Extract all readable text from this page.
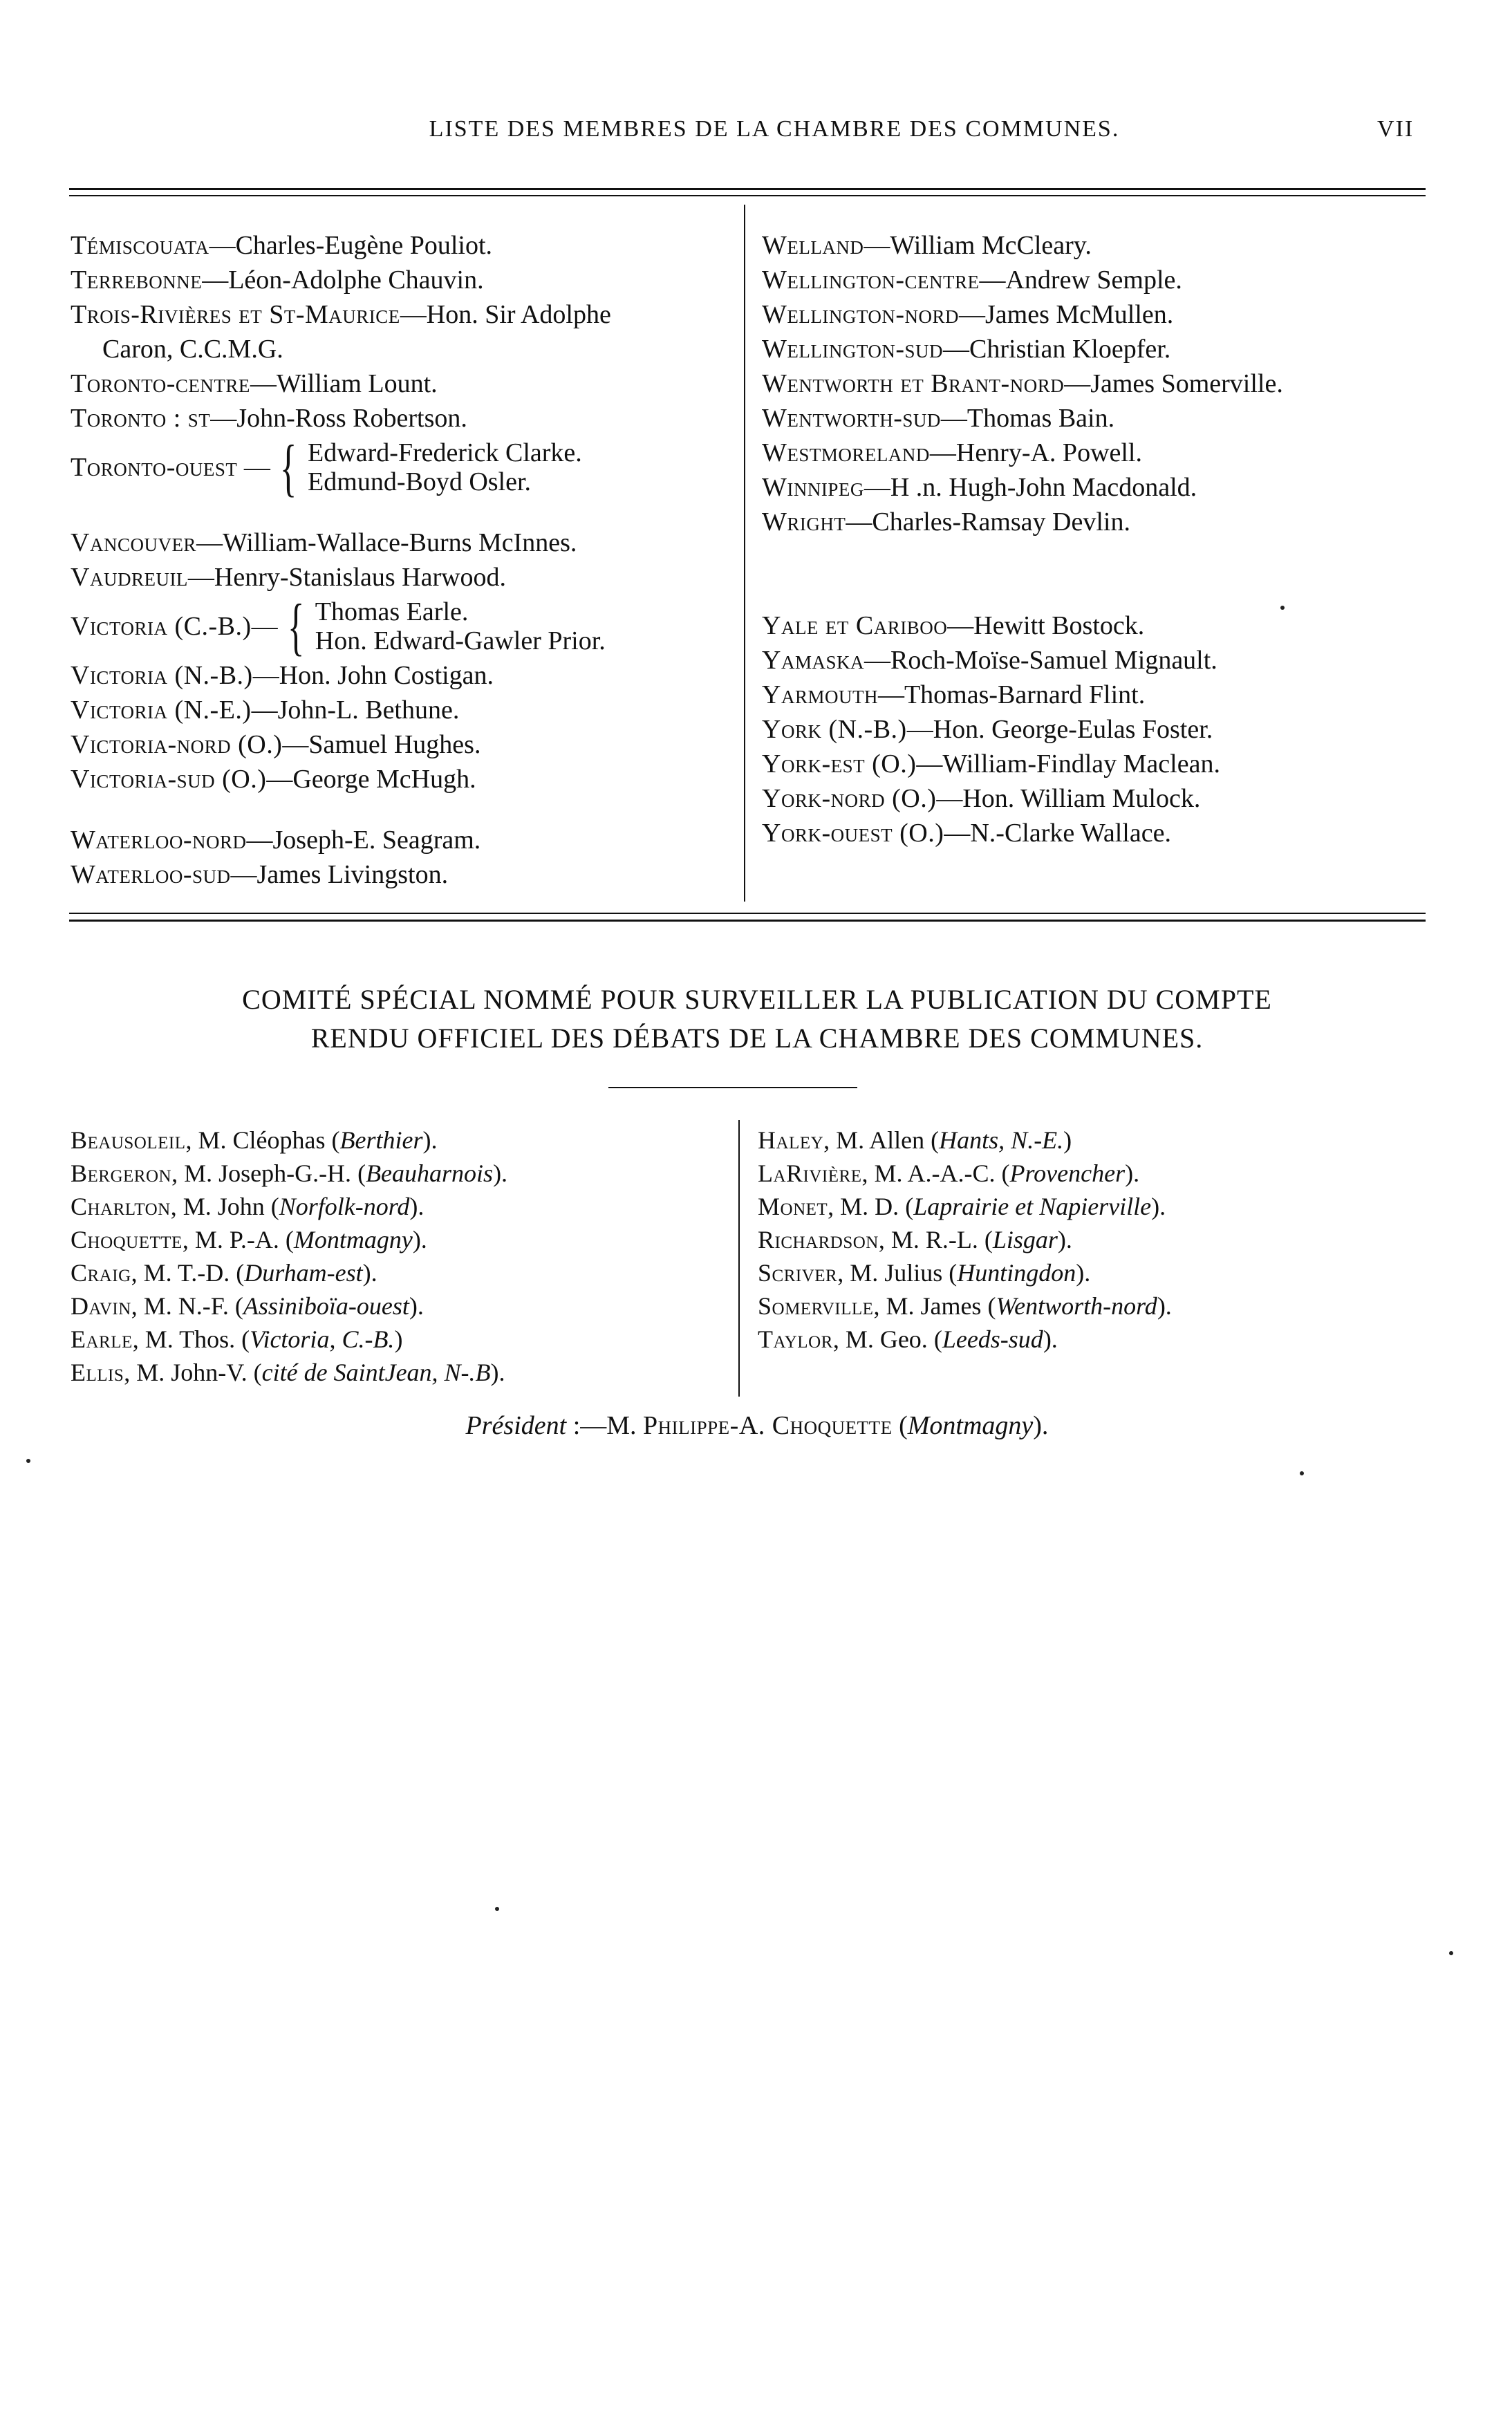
LISTE DES MEMBRES DE LA CHAMBRE DES COMMUNES.	VII
Témiscouata—Charles-Eugène Pouliot.
Terrebonne—Léon-Adolphe Chauvin.
Trois-Rivières et St-Maurice—Hon. Sir Adolphe
Caron, C.C.M.G.
Toronto-centre—William Lount.
Toronto : st—John-Ross Robertson.
Toronto-ouest — { Edward-Frederick Clarke.
Edmund-Boyd Osler.
Vancouver—William-Wallace-Burns McInnes.
Vaudreuil—Henry-Stanislaus Harwood.
Victoria (C.-B.) — { Thomas Earle.
Hon. Edward-Gawler Prior.
Victoria (N.-B.)—Hon. John Costigan.
Victoria (N.-E.)—John-L. Bethune.
Victoria-nord (O.)—Samuel Hughes.
Victoria-sud (O.)—George McHugh.
Waterloo-nord—Joseph-E. Seagram.
Waterloo-sud—James Livingston.
Welland—William McCleary.
Wellington-centre—Andrew Semple.
Wellington-nord—James McMullen.
Wellington-sud—Christian Kloepfer.
Wentworth et Brant-nord—James Somerville.
Wentworth-sud—Thomas Bain.
Westmoreland—Henry-A. Powell.
Winnipeg—H .n. Hugh-John Macdonald.
Wright—Charles-Ramsay Devlin.
Yale et Cariboo—Hewitt Bostock.
Yamaska—Roch-Moïse-Samuel Mignault.
Yarmouth—Thomas-Barnard Flint.
York (N.-B.)—Hon. George-Eulas Foster.
York-est (O.)—William-Findlay Maclean.
York-nord (O.)—Hon. William Mulock.
York-ouest (O.)—N.-Clarke Wallace.
COMITÉ SPÉCIAL NOMMÉ POUR SURVEILLER LA PUBLICATION DU COMPTE
RENDU OFFICIEL DES DÉBATS DE LA CHAMBRE DES COMMUNES.
Beausoleil, M. Cléophas (Berthier).
Bergeron, M. Joseph-G.-H. (Beauharnois).
Charlton, M. John (Norfolk-nord).
Choquette, M. P.-A. (Montmagny).
Craig, M. T.-D. (Durham-est).
Davin, M. N.-F. (Assiniboïa-ouest).
Earle, M. Thos. (Victoria, C.-B.)
Ellis, M. John-V. (cité de SaintJean, N-.B).
Haley, M. Allen (Hants, N.-E.)
LaRivière, M. A.-A.-C. (Provencher).
Monet, M. D. (Laprairie et Napierville).
Richardson, M. R.-L. (Lisgar).
Scriver, M. Julius (Huntingdon).
Somerville, M. James (Wentworth-nord).
Taylor, M. Geo. (Leeds-sud).
Président :—M. Philippe-A. Choquette (Montmagny).
